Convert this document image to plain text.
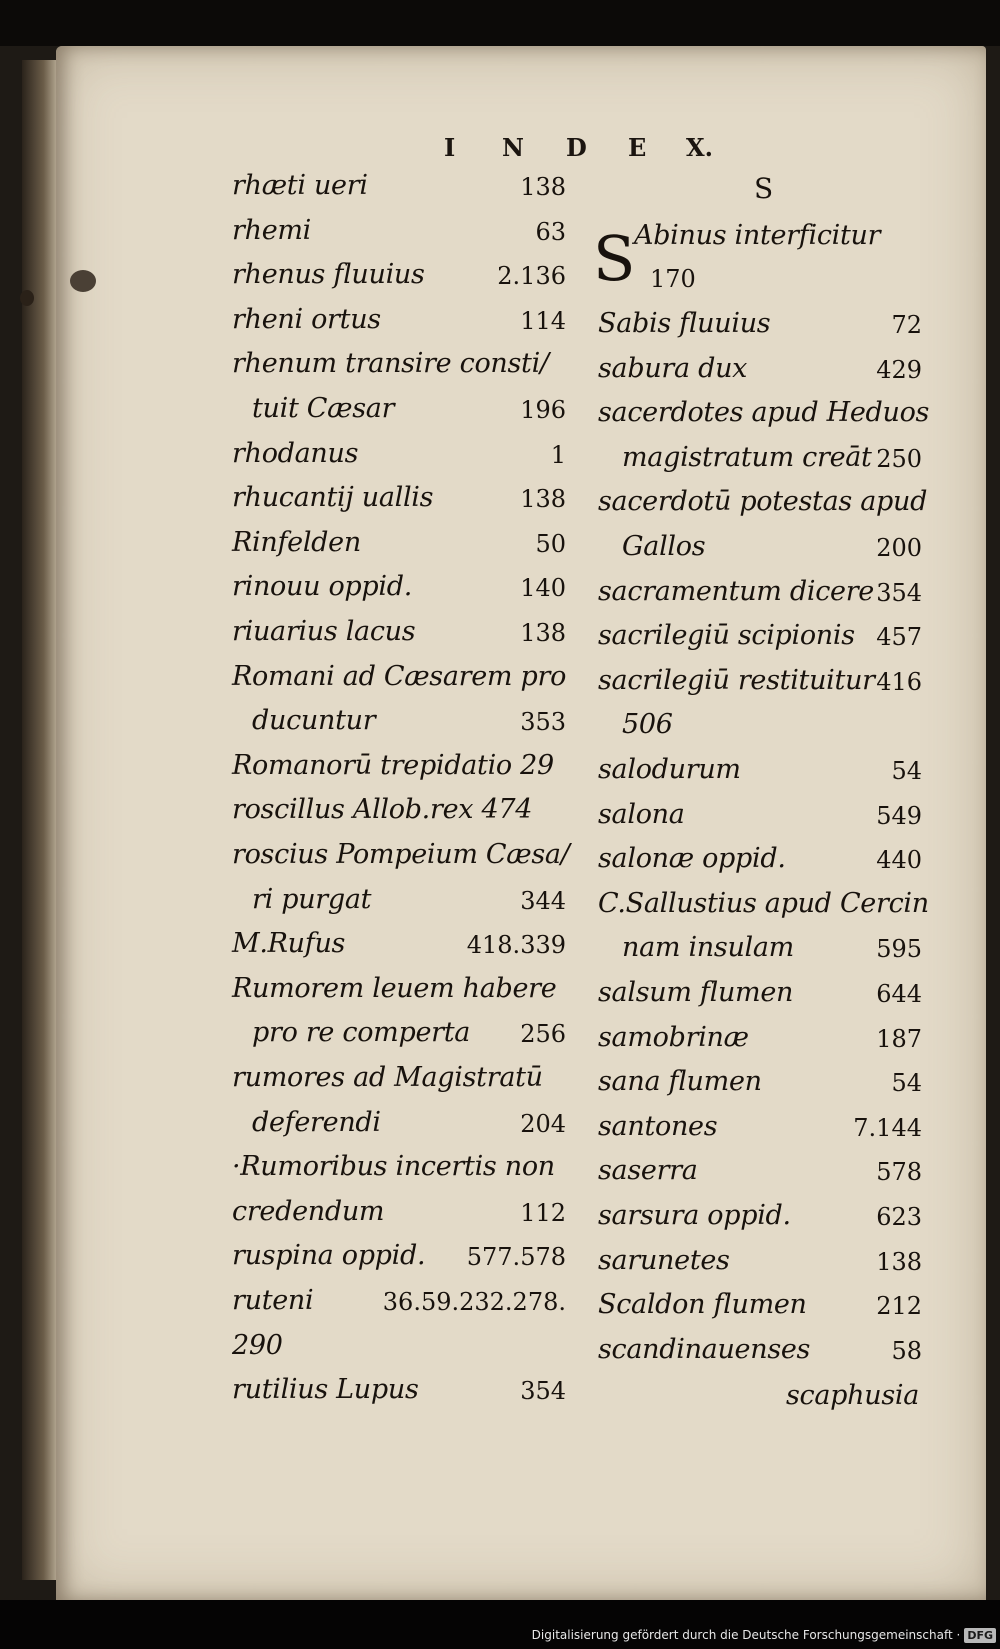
I N D E X.
rhæti ueri	138
rhemi	63
rhenus fluuius	2.136
rheni ortus	114
rhenum transire consti/
tuit Cæsar	196
rhodanus	1
rhucantij uallis	138
Rinfelden	50
rinouu oppid.	140
riuarius lacus	138
Romani ad Cæsarem pro
ducuntur	353
Romanorū trepidatio 29
roscillus Allob.rex 474
roscius Pompeium Cæsa/
ri purgat	344
M.Rufus	418.339
Rumorem leuem habere
pro re comperta 256
rumores ad Magistratū
deferendi	204
·Rumoribus incertis non
credendum	112
ruspina oppid. 577.578
ruteni	36.59.232.278.
290
rutilius Lupus	354
S
S
Abinus interficitur
170
Sabis fluuius	72
sabura dux	429
sacerdotes apud Heduos
magistratum creāt 250
sacerdotū potestas apud
Gallos	200
sacramentum dicere 354
sacrilegiū scipionis 457
sacrilegiū restituitur 416
506
salodurum	54
salona	549
salonæ oppid.	440
C.Sallustius apud Cercin
nam insulam	595
salsum flumen	644
samobrinæ	187
sana flumen	54
santones	7.144
saserra	578
sarsura oppid.	623
sarunetes	138
Scaldon flumen	212
scandinauenses	58
scaphusia
Digitalisierung gefördert durch die Deutsche Forschungsgemeinschaft · DFG
